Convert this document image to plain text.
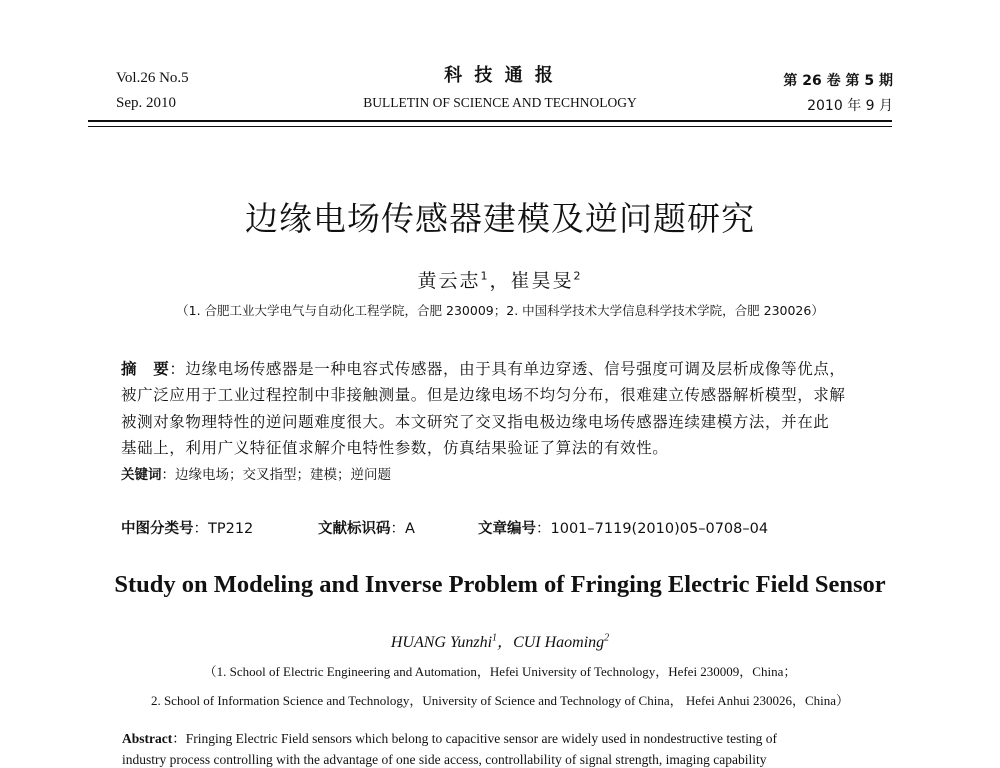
Vol.26 No.5
Sep. 2010
科 技 通 报
BULLETIN OF SCIENCE AND TECHNOLOGY
第 26 卷 第 5 期
2010 年 9 月
边缘电场传感器建模及逆问题研究
黄云志$^1$，崔昊旻$^2$
（1. 合肥工业大学电气与自动化工程学院，合肥 230009；2. 中国科学技术大学信息科学技术学院，合肥 230026）
摘　要：边缘电场传感器是一种电容式传感器，由于具有单边穿透、信号强度可调及层析成像等优点，
被广泛应用于工业过程控制中非接触测量。但是边缘电场不均匀分布，很难建立传感器解析模型，求解
被测对象物理特性的逆问题难度很大。本文研究了交叉指电极边缘电场传感器连续建模方法，并在此
基础上，利用广义特征值求解介电特性参数，仿真结果验证了算法的有效性。
关键词：边缘电场；交叉指型；建模；逆问题
中图分类号：TP212	文献标识码：A	文章编号：1001–7119(2010)05–0708–04
Study on Modeling and Inverse Problem of Fringing Electric Field Sensor
HUANG Yunzhi$^1$，CUI Haoming$^2$
（1. School of Electric Engineering and Automation，Hefei University of Technology，Hefei 230009，China；
2. School of Information Science and Technology，University of Science and Technology of China， Hefei Anhui 230026，China）
Abstract：Fringing Electric Field sensors which belong to capacitive sensor are widely used in nondestructive testing of
industry process controlling with the advantage of one side access, controllability of signal strength, imaging capability
